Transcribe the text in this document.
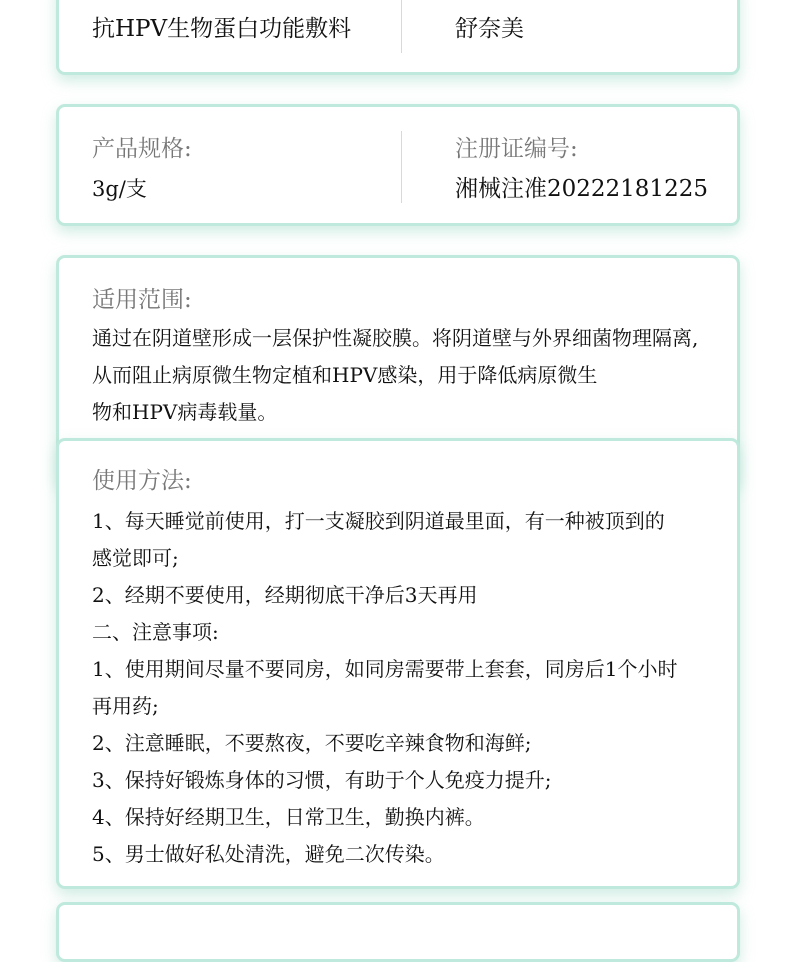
抗HPV生物蛋白功能敷料	舒奈美
产品规格:
3g/支
注册证编号:
湘械注准20222181225
适用范围:
通过在阴道壁形成一层保护性凝胶膜。将阴道壁与外界细菌物理隔离,
从而阻止病原微生物定植和HPV感染，用于降低病原微生
物和HPV病毒载量。
使用方法:
1、每天睡觉前使用，打一支凝胶到阴道最里面，有一种被顶到的
感觉即可;
2、经期不要使用，经期彻底干净后3天再用
二、注意事项:
1、使用期间尽量不要同房，如同房需要带上套套，同房后1个小时
再用药;
2、注意睡眠，不要熬夜，不要吃辛辣食物和海鲜;
3、保持好锻炼身体的习惯，有助于个人免疫力提升;
4、保持好经期卫生，日常卫生，勤换内裤。
5、男士做好私处清洗，避免二次传染。
